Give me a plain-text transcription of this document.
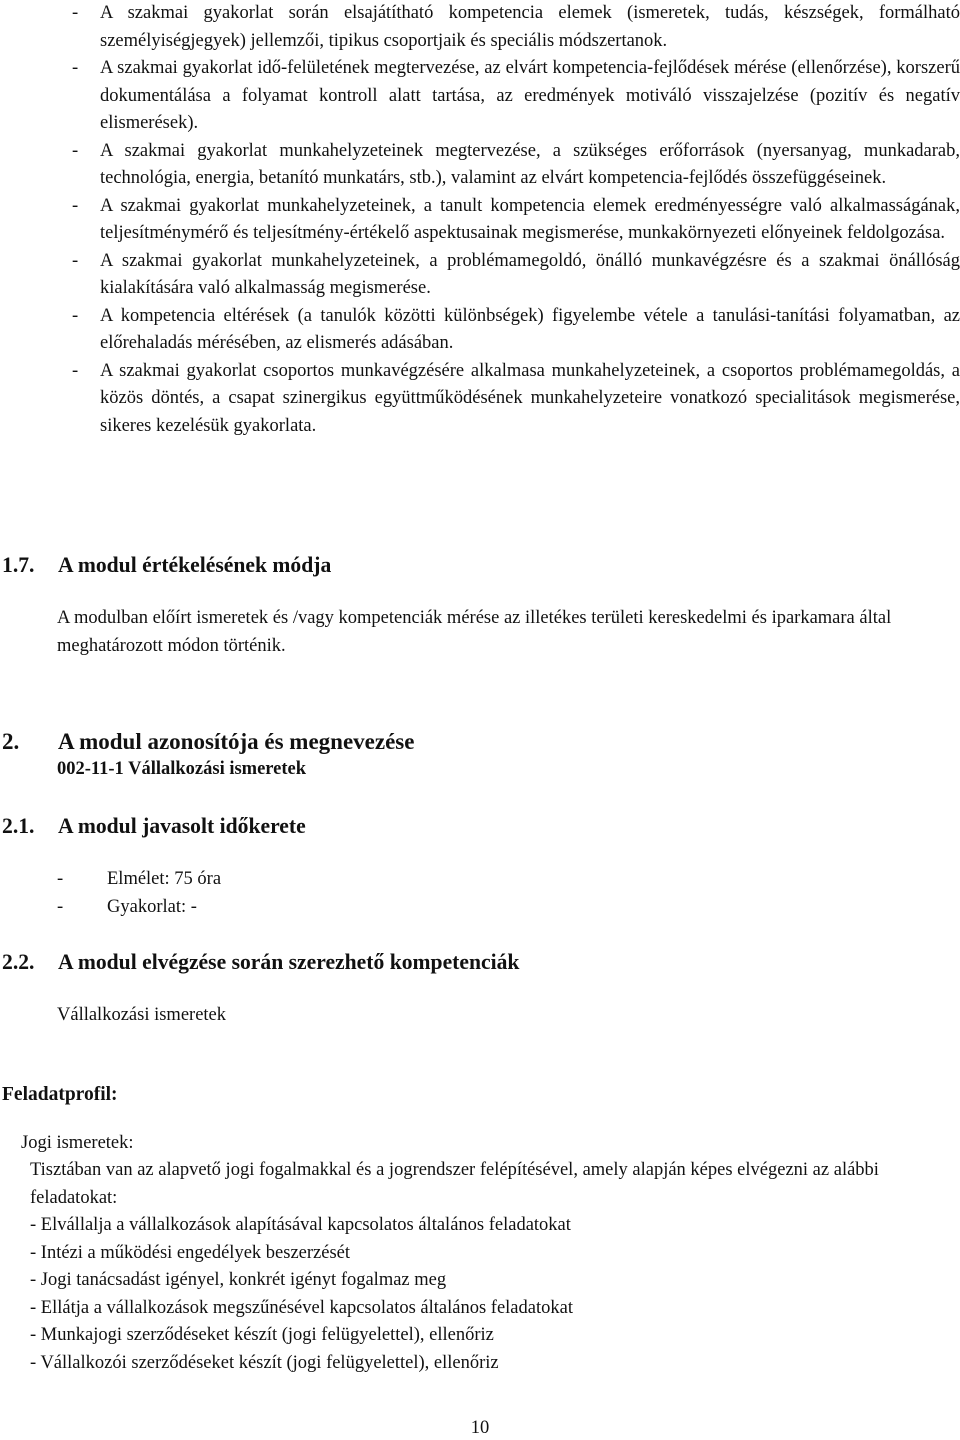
- A szakmai gyakorlat során elsajátítható kompetencia elemek (ismeretek, tudás, készségek, formálható személyiségjegyek) jellemzői, tipikus csoportjaik és speciális módszertanok.
- A szakmai gyakorlat idő-felületének megtervezése, az elvárt kompetencia-fejlődések mérése (ellenőrzése), korszerű dokumentálása a folyamat kontroll alatt tartása, az eredmények motiváló visszajelzése (pozitív és negatív elismerések).
- A szakmai gyakorlat munkahelyzeteinek megtervezése, a szükséges erőforrások (nyersanyag, munkadarab, technológia, energia, betanító munkatárs, stb.), valamint az elvárt kompetencia-fejlődés összefüggéseinek.
- A szakmai gyakorlat munkahelyzeteinek, a tanult kompetencia elemek eredményességre való alkalmasságának, teljesítménymérő és teljesítmény-értékelő aspektusainak megismerése, munkakörnyezeti előnyeinek feldolgozása.
- A szakmai gyakorlat munkahelyzeteinek, a problémamegoldó, önálló munkavégzésre és a szakmai önállóság kialakítására való alkalmasság megismerése.
- A kompetencia eltérések (a tanulók közötti különbségek) figyelembe vétele a tanulási-tanítási folyamatban, az előrehaladás mérésében, az elismerés adásában.
- A szakmai gyakorlat csoportos munkavégzésére alkalmasa munkahelyzeteinek, a csoportos problémamegoldás, a közös döntés, a csapat szinergikus együttműködésének munkahelyzeteire vonatkozó specialitások megismerése, sikeres kezelésük gyakorlata.
1.7. A modul értékelésének módja

A modulban előírt ismeretek és /vagy kompetenciák mérése az illetékes területi kereskedelmi és iparkamara által meghatározott módon történik.

2. A modul azonosítója és megnevezése

002-11-1 Vállalkozási ismeretek

2.1. A modul javasolt időkerete
- Elmélet: 75 óra
- Gyakorlat: -
2.2. A modul elvégzése során szerezhető kompetenciák

Vállalkozási ismeretek

Feladatprofil:

Jogi ismeretek:

Tisztában van az alapvető jogi fogalmakkal és a jogrendszer felépítésével, amely alapján képes elvégezni az alábbi feladatokat:

- Elvállalja a vállalkozások alapításával kapcsolatos általános feladatokat
- Intézi a működési engedélyek beszerzését
- Jogi tanácsadást igényel, konkrét igényt fogalmaz meg
- Ellátja a vállalkozások megszűnésével kapcsolatos általános feladatokat
- Munkajogi szerződéseket készít (jogi felügyelettel), ellenőriz
- Vállalkozói szerződéseket készít (jogi felügyelettel), ellenőriz

10
